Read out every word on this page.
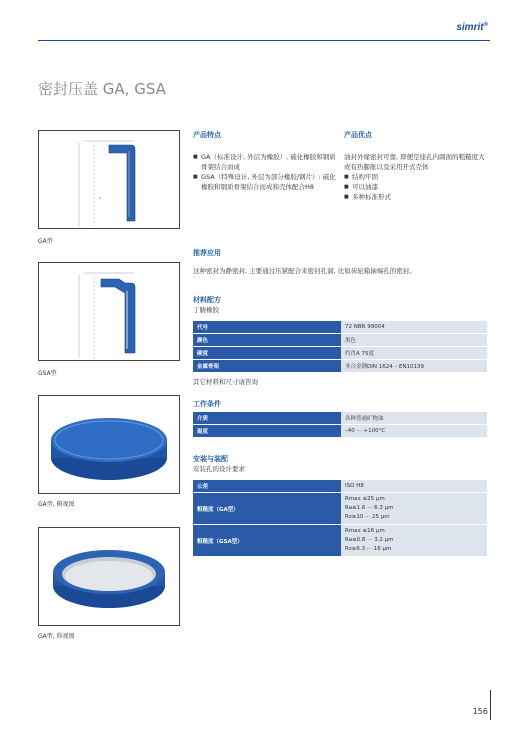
simrit®
密封压盖 GA, GSA
⌀
GA型
GSA型
GA型, 俯视图
GA型, 仰视图
产品特点
■ GA（标准设计, 外层为橡胶）, 硫化橡胶和钢质骨架结合而成
■ GSA（特殊设计, 外层为部分橡胶/钢片）: 硫化橡胶和钢质骨架结合而成和壳体配合H8
产品优点
油封外缘密封可靠, 即便是座孔内圆面的粗糙度大或有热膨胀以及采用开式壳体
■ 结构牢固
■ 可以油漆
■ 多种标准形式
推荐应用
这种密封为静密封, 主要通过压紧配合来密封孔洞, 比如齿轮箱轴端孔的密封。
材料配方
丁腈橡胶
代号	72 NBR 99004
颜色	黑色
硬度	约肖A 75度
金属骨架	非合金钢DIN 1624 – EN10139
其它材料和尺寸请咨询
工作条件
介质	各种普通矿物油
温度	–40 ··· +100°C
安装与装配
安装孔的设计要求
公差	ISO H8
粗糙度（GA型）	Rmax ≤25 μm
Ra≥1.6 ··· 6.3 μm
Rz≥10 ··· 25 μm

粗糙度（GSA型）	Rmax ≤16 μm
Ra≥0.8 ··· 3.2 μm
Rz≥6.3 ··· 16 μm
156
